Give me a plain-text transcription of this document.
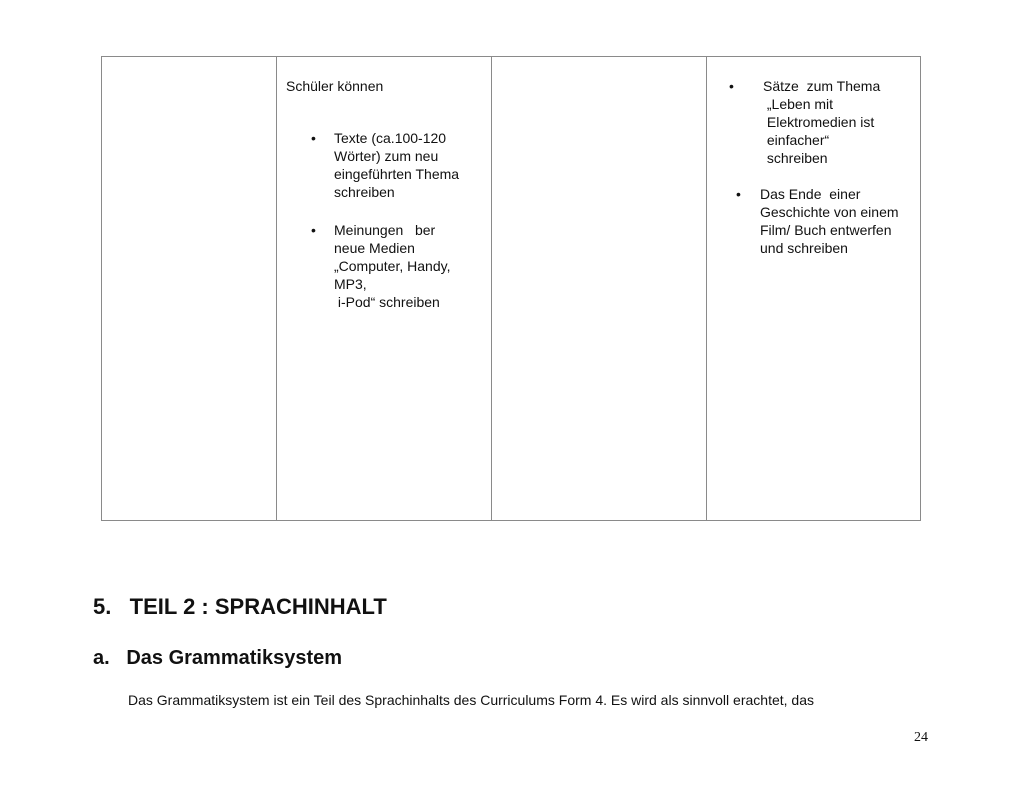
Schüler können
• Texte (ca.100-120
Wörter) zum neu
eingeführten Thema
schreiben
• Meinungen   ber
neue Medien
„Computer, Handy,
MP3,
i-Pod“ schreiben
• Sätze  zum Thema
„Leben mit
Elektromedien ist
einfacher“
schreiben
• Das Ende  einer
Geschichte von einem
Film/ Buch entwerfen
und schreiben
5.   TEIL 2 : SPRACHINHALT
a.   Das Grammatiksystem
Das Grammatiksystem ist ein Teil des Sprachinhalts des Curriculums Form 4. Es wird als sinnvoll erachtet, das
24
